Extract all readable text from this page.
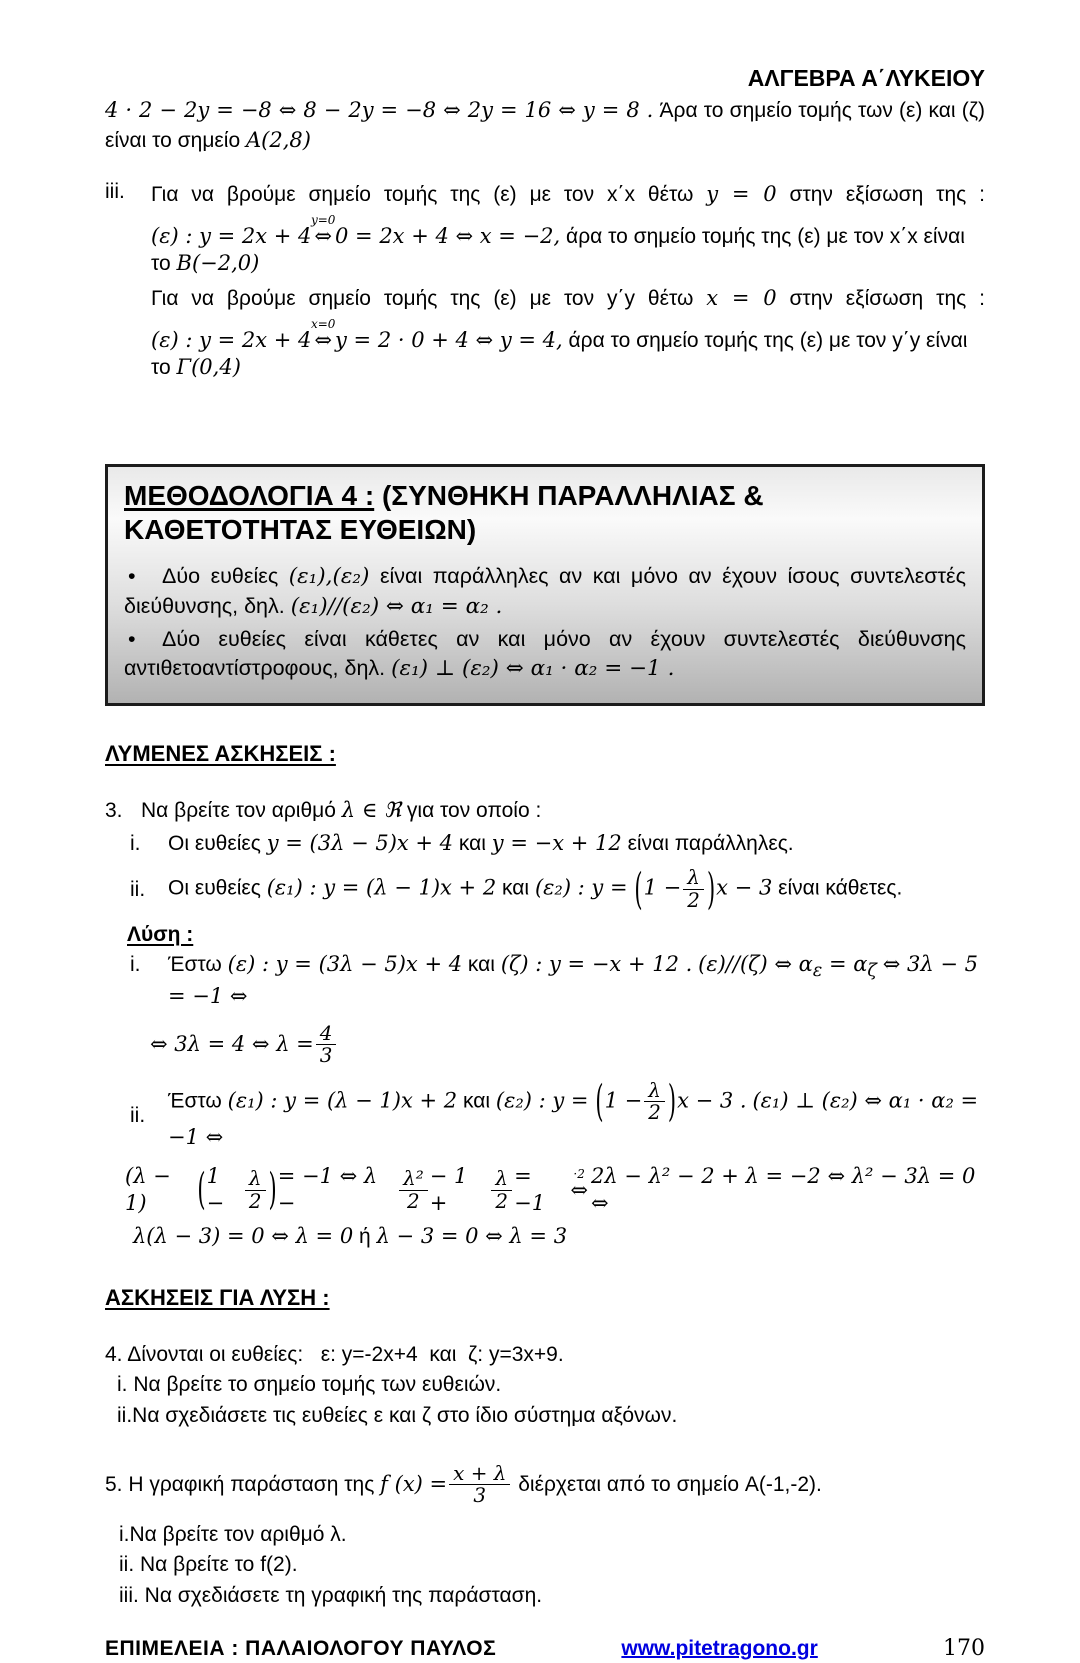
ΑΛΓΕΒΡΑ Α΄ΛΥΚΕΙΟΥ
4 · 2 − 2y = −8 ⇔ 8 − 2y = −8 ⇔ 2y = 16 ⇔ y = 8 . Άρα το σημείο τομής των (ε) και (ζ)
είναι το σημείο Α(2,8)
iii.	Για να βρούμε σημείο τομής της (ε) με τον x΄x θέτω y = 0 στην εξίσωση της :
(ε) : y = 2x + 4
y=0
⇔ 0 = 2x + 4 ⇔ x = −2, άρα το σημείο τομής της (ε) με τον x΄x είναι το B(−2,0)
Για να βρούμε σημείο τομής της (ε) με τον y΄y θέτω x = 0 στην εξίσωση της :
(ε) : y = 2x + 4
x=0
⇔ y = 2 · 0 + 4 ⇔ y = 4, άρα το σημείο τομής της (ε) με τον y΄y είναι το Γ(0,4)
ΜΕΘΟΔΟΛΟΓΙΑ 4 : (ΣΥΝΘΗΚΗ ΠΑΡΑΛΛΗΛΙΑΣ &
ΚΑΘΕΤΟΤΗΤΑΣ ΕΥΘΕΙΩΝ)

• Δύο ευθείες (ε₁),(ε₂) είναι παράλληλες αν και μόνο αν έχουν ίσους συντελεστές διεύθυνσης, δηλ. (ε₁)//(ε₂) ⇔ α₁ = α₂ .

• Δύο ευθείες είναι κάθετες αν και μόνο αν έχουν συντελεστές διεύθυνσης αντιθετοαντίστροφους, δηλ. (ε₁) ⊥ (ε₂) ⇔ α₁ · α₂ = −1 .

ΛΥΜΕΝΕΣ ΑΣΚΗΣΕΙΣ :
3. Να βρείτε τον αριθμό λ ∈ ℜ για τον οποίο :
i.	Οι ευθείες y = (3λ − 5)x + 4 και y = −x + 12 είναι παράλληλες.
ii.	Οι ευθείες (ε₁) : y = (λ − 1)x + 2 και (ε₂) : $y = (1 - \frac{\lambda}{2} )x - 3$ είναι κάθετες.
Λύση :
i.	Έστω (ε) : y = (3λ − 5)x + 4 και (ζ) : y = −x + 12 . (ε)//(ζ) ⇔ $\alpha_\varepsilon = \alpha_\zeta$ ⇔ 3λ − 5 = −1 ⇔
⇔ 3λ = 4 ⇔ $\lambda = \frac{4}{3}$
ii.
Έστω (ε₁) : y = (λ − 1)x + 2 και (ε₂) : $y = (1 - \frac{\lambda}{2} )x - 3$ . (ε₁) ⊥ (ε₂) ⇔ α₁ · α₂ = −1 ⇔
(λ − 1)	( 1 −	$\frac{\lambda}{2}$ ) = −1 ⇔ λ −	$\frac{\text{λ²}}{2} - 1$ +	$\frac{\lambda}{2} = -1$
·2
⇔
2λ − λ² − 2 + λ = −2 ⇔ λ² − 3λ = 0 ⇔
λ(λ − 3) = 0 ⇔ λ = 0 ή λ − 3 = 0 ⇔ λ = 3
ΑΣΚΗΣΕΙΣ ΓΙΑ ΛΥΣΗ :
4. Δίνονται οι ευθείες:   ε: y=-2x+4  και  ζ: y=3x+9.
i. Να βρείτε το σημείο τομής των ευθειών.
ii.Να σχεδιάσετε τις ευθείες ε και ζ στο ίδιο σύστημα αξόνων.
5. Η γραφική παράσταση της
f $(x) = \frac{x + \lambda}{3}$
διέρχεται από το σημείο A(-1,-2).
i.Να βρείτε τον αριθμό λ.
ii. Να βρείτε το f(2).
iii. Να σχεδιάσετε τη γραφική της παράσταση.
ΕΠΙΜΕΛΕΙΑ : ΠΑΛΑΙΟΛΟΓΟΥ ΠΑΥΛΟΣ	www.pitetragono.gr	170
